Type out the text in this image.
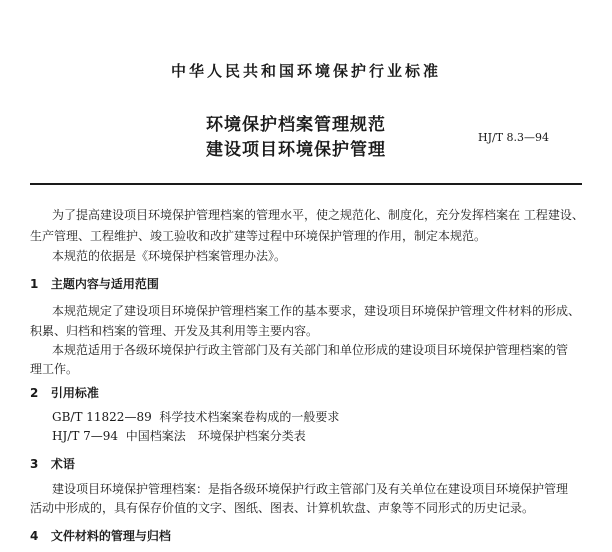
中华人民共和国环境保护行业标准
环境保护档案管理规范
建设项目环境保护管理
HJ/T 8.3—94
为了提高建设项目环境保护管理档案的管理水平，使之规范化、制度化，充分发挥档案在 工程建设、
生产管理、工程维护、竣工验收和改扩建等过程中环境保护管理的作用，制定本规范。
本规范的依据是《环境保护档案管理办法》。
1 主题内容与适用范围
本规范规定了建设项目环境保护管理档案工作的基本要求，建设项目环境保护管理文件材料的形成、
积累、归档和档案的管理、开发及其利用等主要内容。
本规范适用于各级环境保护行政主管部门及有关部门和单位形成的建设项目环境保护管理档案的管
理工作。
2 引用标准
GB/T 11822—89 科学技术档案案卷构成的一般要求
HJ/T 7—94 中国档案法　环境保护档案分类表
3 术语
建设项目环境保护管理档案：是指各级环境保护行政主管部门及有关单位在建设项目环境保护管理
活动中形成的，具有保存价值的文字、图纸、图表、计算机软盘、声象等不同形式的历史记录。
4 文件材料的管理与归档
